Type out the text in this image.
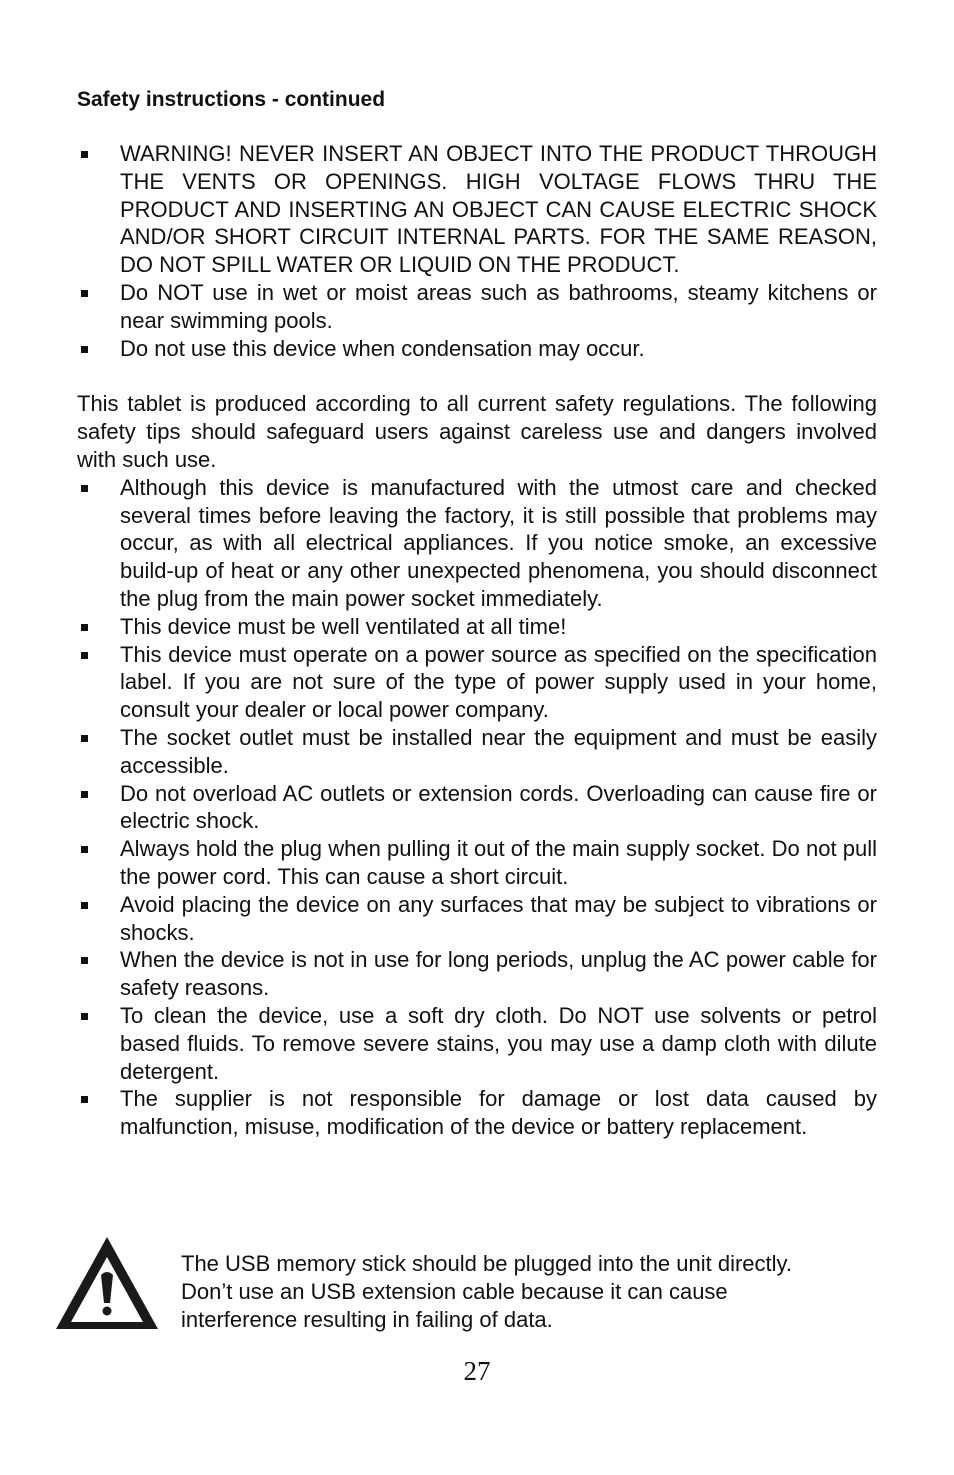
Safety instructions - continued
WARNING! NEVER INSERT AN OBJECT INTO THE PRODUCT THROUGH THE VENTS OR OPENINGS. HIGH VOLTAGE FLOWS THRU THE PRODUCT AND INSERTING AN OBJECT CAN CAUSE ELECTRIC SHOCK AND/OR SHORT CIRCUIT INTERNAL PARTS. FOR THE SAME REASON, DO NOT SPILL WATER OR LIQUID ON THE PRODUCT.
Do NOT use in wet or moist areas such as bathrooms, steamy kitchens or near swimming pools.
Do not use this device when condensation may occur.

This tablet is produced according to all current safety regulations. The following safety tips should safeguard users against careless use and dangers involved with such use.

Although this device is manufactured with the utmost care and checked several times before leaving the factory, it is still possible that problems may occur, as with all electrical appliances. If you notice smoke, an excessive build-up of heat or any other unexpected phenomena, you should disconnect the plug from the main power socket immediately.
This device must be well ventilated at all time!
This device must operate on a power source as specified on the specification label. If you are not sure of the type of power supply used in your home, consult your dealer or local power company.
The socket outlet must be installed near the equipment and must be easily accessible.
Do not overload AC outlets or extension cords. Overloading can cause fire or electric shock.
Always hold the plug when pulling it out of the main supply socket. Do not pull the power cord. This can cause a short circuit.
Avoid placing the device on any surfaces that may be subject to vibrations or shocks.
When the device is not in use for long periods, unplug the AC power cable for safety reasons.
To clean the device, use a soft dry cloth. Do NOT use solvents or petrol based fluids. To remove severe stains, you may use a damp cloth with dilute detergent.
The supplier is not responsible for damage or lost data caused by malfunction, misuse, modification of the device or battery replacement.
The USB memory stick should be plugged into the unit directly.
Don’t use an USB extension cable because it can cause
interference resulting in failing of data.
27
